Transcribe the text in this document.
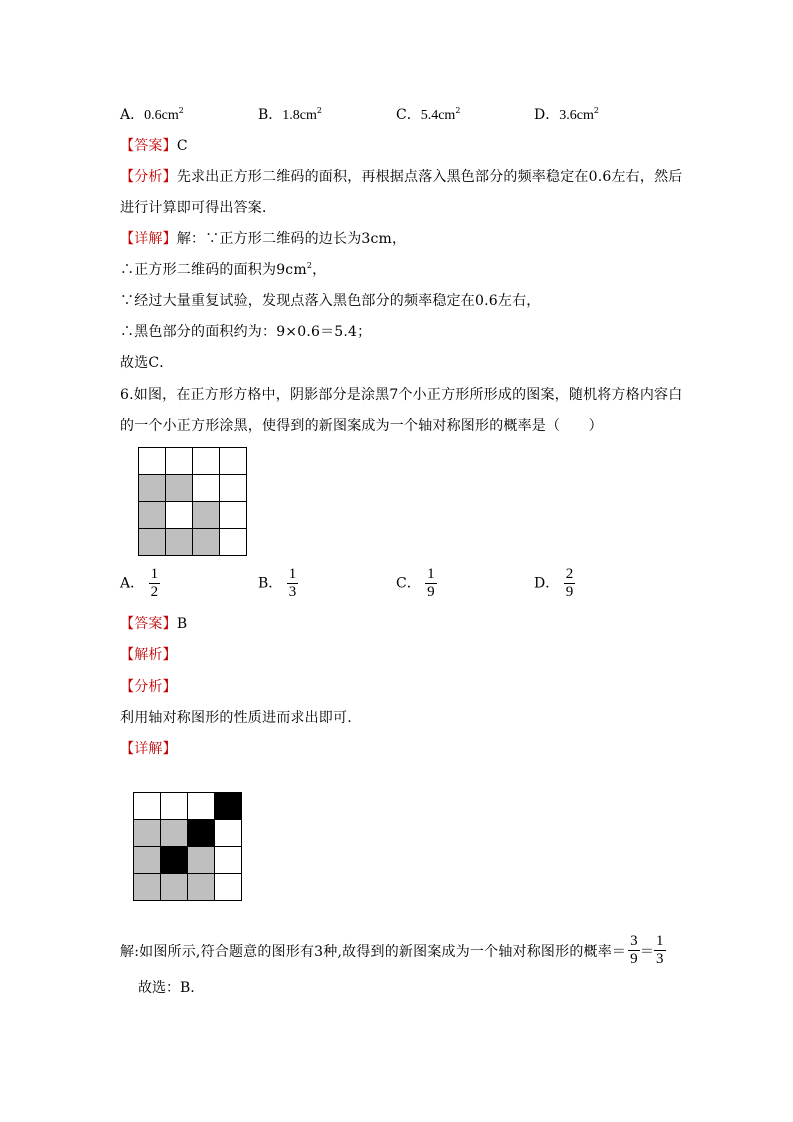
A．$0.6cm^2$	B．$1.8cm^2$	C．$5.4cm^2$	D．$3.6cm^2$
【答案】C
【分析】先求出正方形二维码的面积，再根据点落入黑色部分的频率稳定在0.6左右，然后
进行计算即可得出答案．
【详解】解：∵正方形二维码的边长为3cm，
∴正方形二维码的面积为$9cm^2$，
∵经过大量重复试验，发现点落入黑色部分的频率稳定在0.6左右，
∴黑色部分的面积约为：9×0.6＝5.4；
故选C．
6.如图，在正方形方格中，阴影部分是涂黑7个小正方形所形成的图案，随机将方格内容白
的一个小正方形涂黑，使得到的新图案成为一个轴对称图形的概率是（　　）
A． $\frac{1}{2}$	B． $\frac{1}{3}$	C． $\frac{1}{9}$	D． $\frac{2}{9}$
【答案】B
【解析】
【分析】
利用轴对称图形的性质进而求出即可.
【详解】
解:如图所示,符合题意的图形有3种,故得到的新图案成为一个轴对称图形的概率＝ $\frac{3}{9} = \frac{1}{3}$
故选：B.
